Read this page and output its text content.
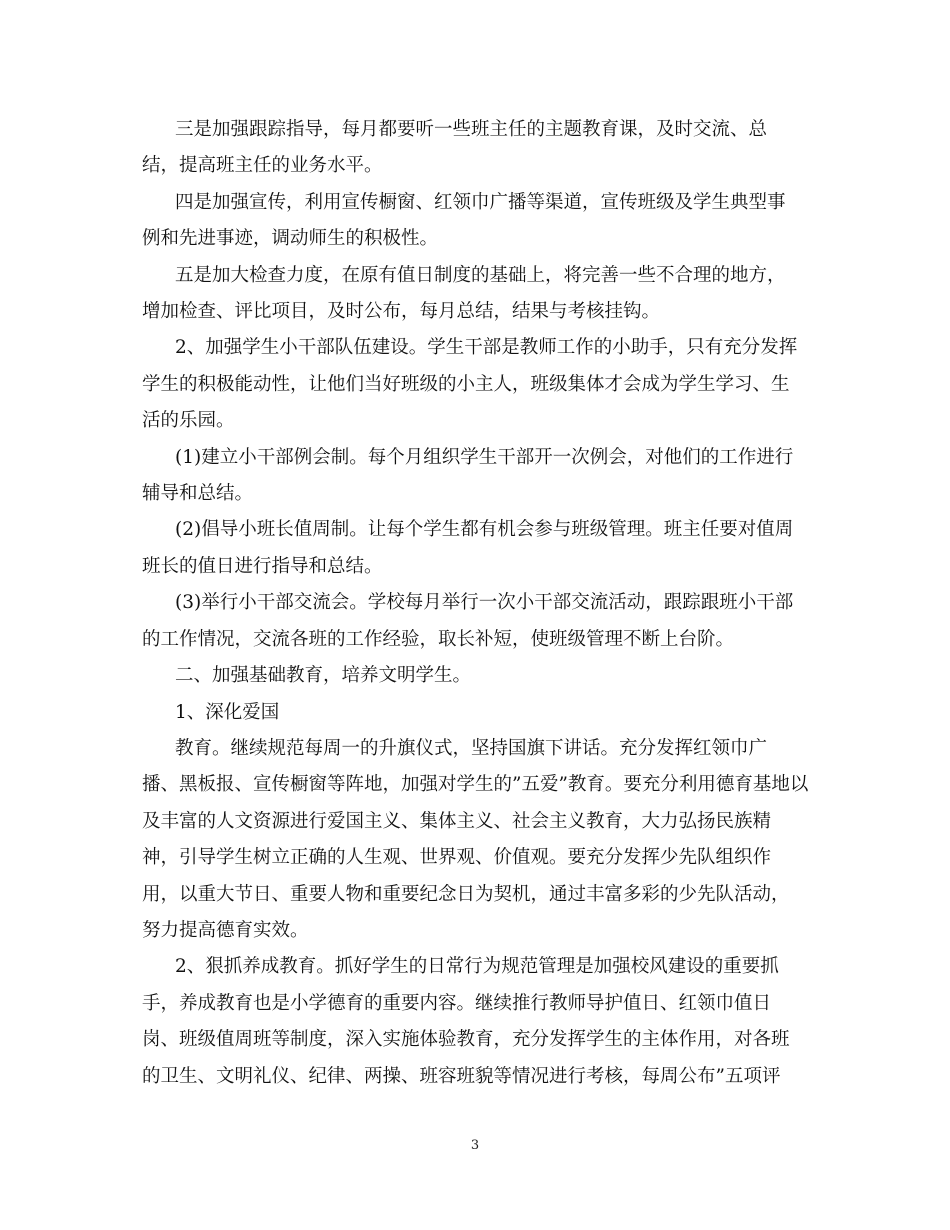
三是加强跟踪指导，每月都要听一些班主任的主题教育课，及时交流、总
结，提高班主任的业务水平。

四是加强宣传，利用宣传橱窗、红领巾广播等渠道，宣传班级及学生典型事
例和先进事迹，调动师生的积极性。

五是加大检查力度，在原有值日制度的基础上，将完善一些不合理的地方，
增加检查、评比项目，及时公布，每月总结，结果与考核挂钩。

2、加强学生小干部队伍建设。学生干部是教师工作的小助手，只有充分发挥
学生的积极能动性，让他们当好班级的小主人，班级集体才会成为学生学习、生
活的乐园。

(1)建立小干部例会制。每个月组织学生干部开一次例会，对他们的工作进行
辅导和总结。

(2)倡导小班长值周制。让每个学生都有机会参与班级管理。班主任要对值周
班长的值日进行指导和总结。

(3)举行小干部交流会。学校每月举行一次小干部交流活动，跟踪跟班小干部
的工作情况，交流各班的工作经验，取长补短，使班级管理不断上台阶。

二、加强基础教育，培养文明学生。

1、深化爱国

教育。继续规范每周一的升旗仪式，坚持国旗下讲话。充分发挥红领巾广
播、黑板报、宣传橱窗等阵地，加强对学生的”五爱”教育。要充分利用德育基地以
及丰富的人文资源进行爱国主义、集体主义、社会主义教育，大力弘扬民族精
神，引导学生树立正确的人生观、世界观、价值观。要充分发挥少先队组织作
用，以重大节日、重要人物和重要纪念日为契机，通过丰富多彩的少先队活动，
努力提高德育实效。

2、狠抓养成教育。抓好学生的日常行为规范管理是加强校风建设的重要抓
手，养成教育也是小学德育的重要内容。继续推行教师导护值日、红领巾值日
岗、班级值周班等制度，深入实施体验教育，充分发挥学生的主体作用，对各班
的卫生、文明礼仪、纪律、两操、班容班貌等情况进行考核，每周公布”五项评

3
